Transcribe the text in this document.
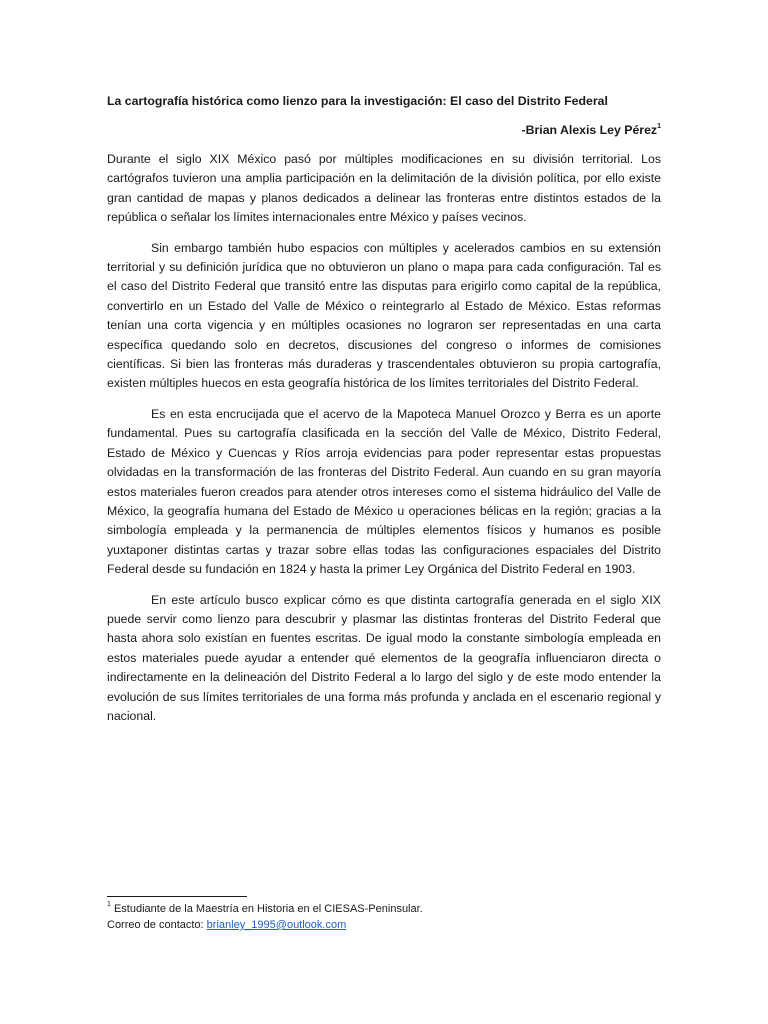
La cartografía histórica como lienzo para la investigación: El caso del Distrito Federal
-Brian Alexis Ley Pérez$^1$

Durante el siglo XIX México pasó por múltiples modificaciones en su división territorial. Los cartógrafos tuvieron una amplia participación en la delimitación de la división política, por ello existe gran cantidad de mapas y planos dedicados a delinear las fronteras entre distintos estados de la república o señalar los límites internacionales entre México y países vecinos.

Sin embargo también hubo espacios con múltiples y acelerados cambios en su extensión territorial y su definición jurídica que no obtuvieron un plano o mapa para cada configuración. Tal es el caso del Distrito Federal que transitó entre las disputas para erigirlo como capital de la república, convertirlo en un Estado del Valle de México o reintegrarlo al Estado de México. Estas reformas tenían una corta vigencia y en múltiples ocasiones no lograron ser representadas en una carta específica quedando solo en decretos, discusiones del congreso o informes de comisiones científicas. Si bien las fronteras más duraderas y trascendentales obtuvieron su propia cartografía, existen múltiples huecos en esta geografía histórica de los límites territoriales del Distrito Federal.

Es en esta encrucijada que el acervo de la Mapoteca Manuel Orozco y Berra es un aporte fundamental. Pues su cartografía clasificada en la sección del Valle de México, Distrito Federal, Estado de México y Cuencas y Ríos arroja evidencias para poder representar estas propuestas olvidadas en la transformación de las fronteras del Distrito Federal. Aun cuando en su gran mayoría estos materiales fueron creados para atender otros intereses como el sistema hidráulico del Valle de México, la geografía humana del Estado de México u operaciones bélicas en la región; gracias a la simbología empleada y la permanencia de múltiples elementos físicos y humanos es posible yuxtaponer distintas cartas y trazar sobre ellas todas las configuraciones espaciales del Distrito Federal desde su fundación en 1824 y hasta la primer Ley Orgánica del Distrito Federal en 1903.

En este artículo busco explicar cómo es que distinta cartografía generada en el siglo XIX puede servir como lienzo para descubrir y plasmar las distintas fronteras del Distrito Federal que hasta ahora solo existían en fuentes escritas. De igual modo la constante simbología empleada en estos materiales puede ayudar a entender qué elementos de la geografía influenciaron directa o indirectamente en la delineación del Distrito Federal a lo largo del siglo y de este modo entender la evolución de sus límites territoriales de una forma más profunda y anclada en el escenario regional y nacional.

$^1$ Estudiante de la Maestría en Historia en el CIESAS-Peninsular.
Correo de contacto: brianley_1995@outlook.com
